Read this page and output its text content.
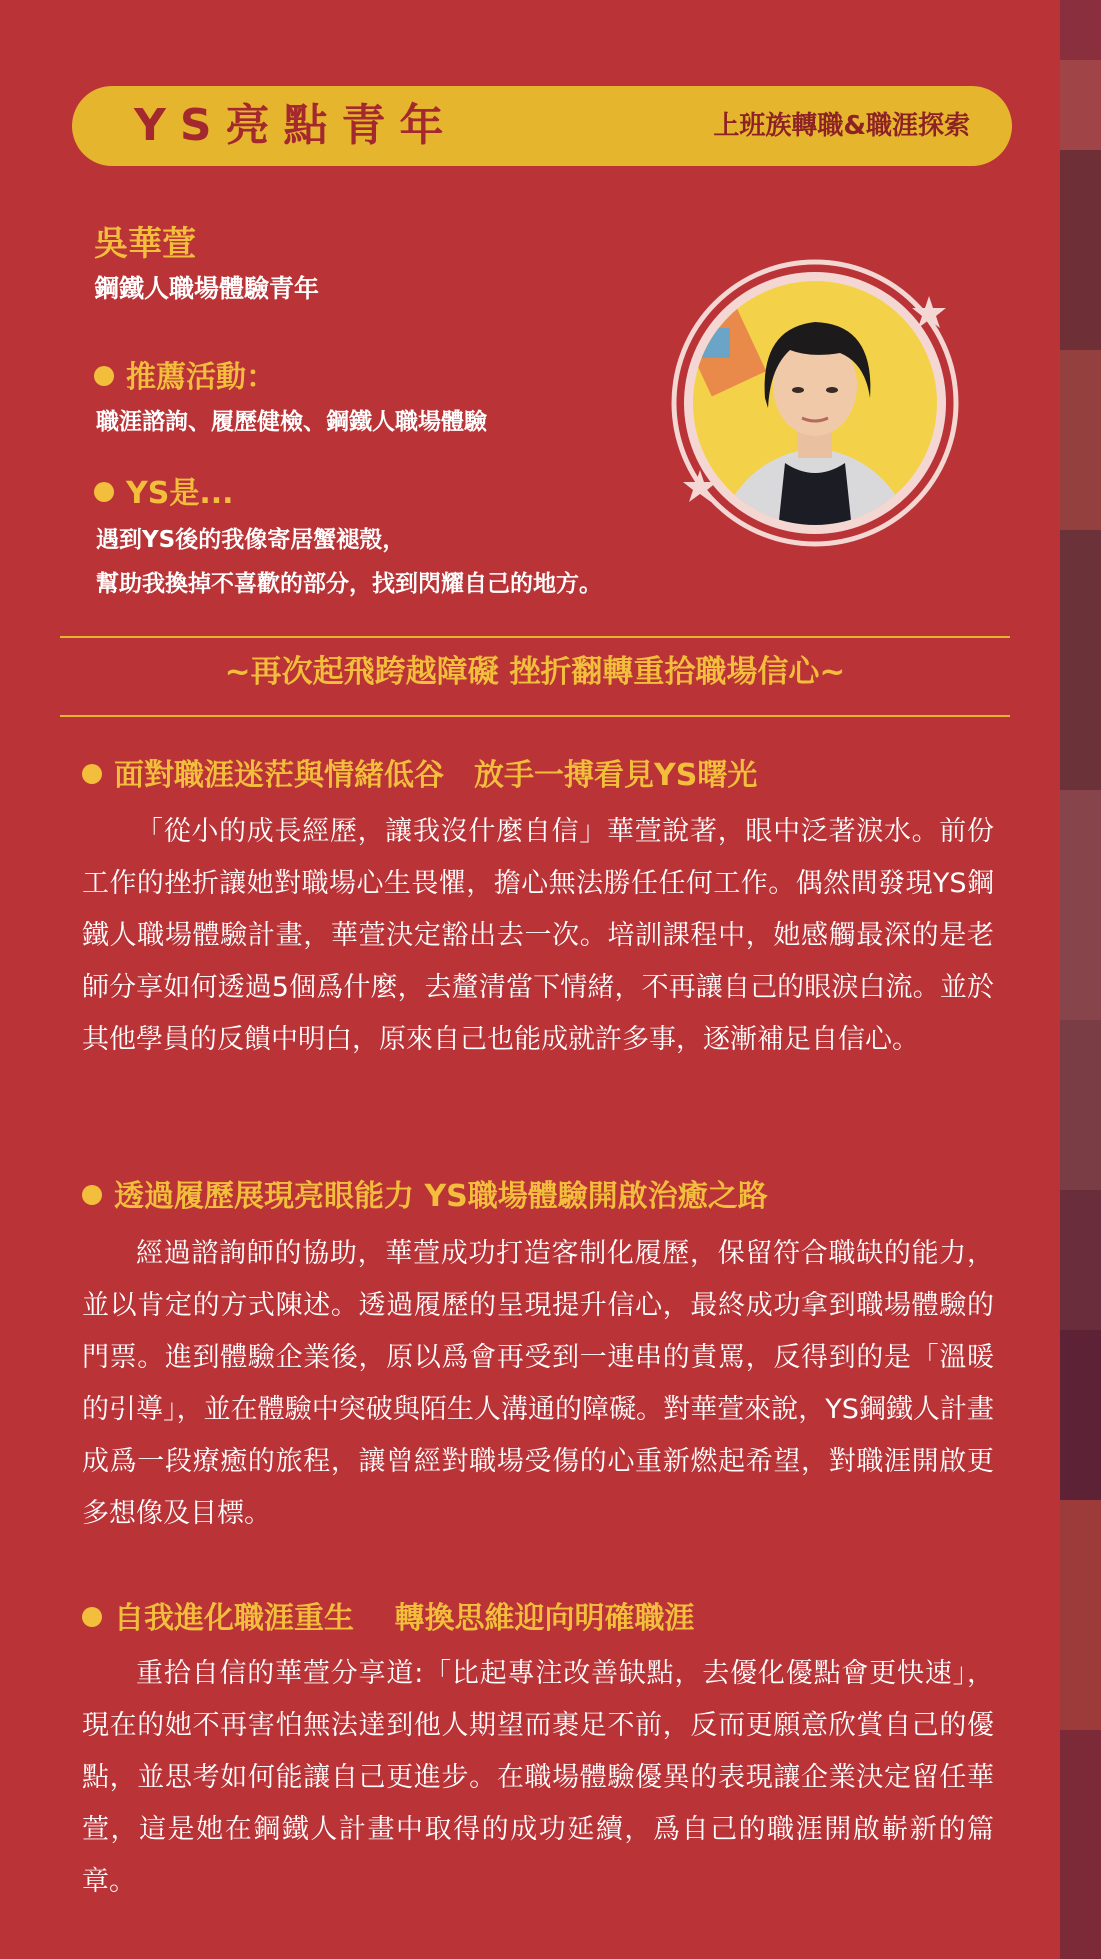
YS亮點青年	上班族轉職&職涯探索
吳華萱
鋼鐵人職場體驗青年
推薦活動：
職涯諮詢、履歷健檢、鋼鐵人職場體驗
YS是...
遇到YS後的我像寄居蟹褪殼，
幫助我換掉不喜歡的部分，找到閃耀自己的地方。
~再次起飛跨越障礙 挫折翻轉重拾職場信心~
面對職涯迷茫與情緒低谷　放手一搏看見YS曙光

「從小的成長經歷，讓我沒什麼自信」華萱說著，眼中泛著淚水。前份工作的挫折讓她對職場心生畏懼，擔心無法勝任任何工作。偶然間發現YS鋼鐵人職場體驗計畫，華萱決定豁出去一次。培訓課程中，她感觸最深的是老師分享如何透過5個爲什麼，去釐清當下情緒，不再讓自己的眼淚白流。並於其他學員的反饋中明白，原來自己也能成就許多事，逐漸補足自信心。

透過履歷展現亮眼能力 YS職場體驗開啟治癒之路

經過諮詢師的協助，華萱成功打造客制化履歷，保留符合職缺的能力，並以肯定的方式陳述。透過履歷的呈現提升信心，最終成功拿到職場體驗的門票。進到體驗企業後，原以爲會再受到一連串的責罵，反得到的是「溫暖的引導」，並在體驗中突破與陌生人溝通的障礙。對華萱來說，YS鋼鐵人計畫成爲一段療癒的旅程，讓曾經對職場受傷的心重新燃起希望，對職涯開啟更多想像及目標。

自我進化職涯重生　 轉換思維迎向明確職涯

重拾自信的華萱分享道:「比起專注改善缺點，去優化優點會更快速」，現在的她不再害怕無法達到他人期望而裹足不前，反而更願意欣賞自己的優點，並思考如何能讓自己更進步。在職場體驗優異的表現讓企業決定留任華萱，這是她在鋼鐵人計畫中取得的成功延續，爲自己的職涯開啟嶄新的篇章。
